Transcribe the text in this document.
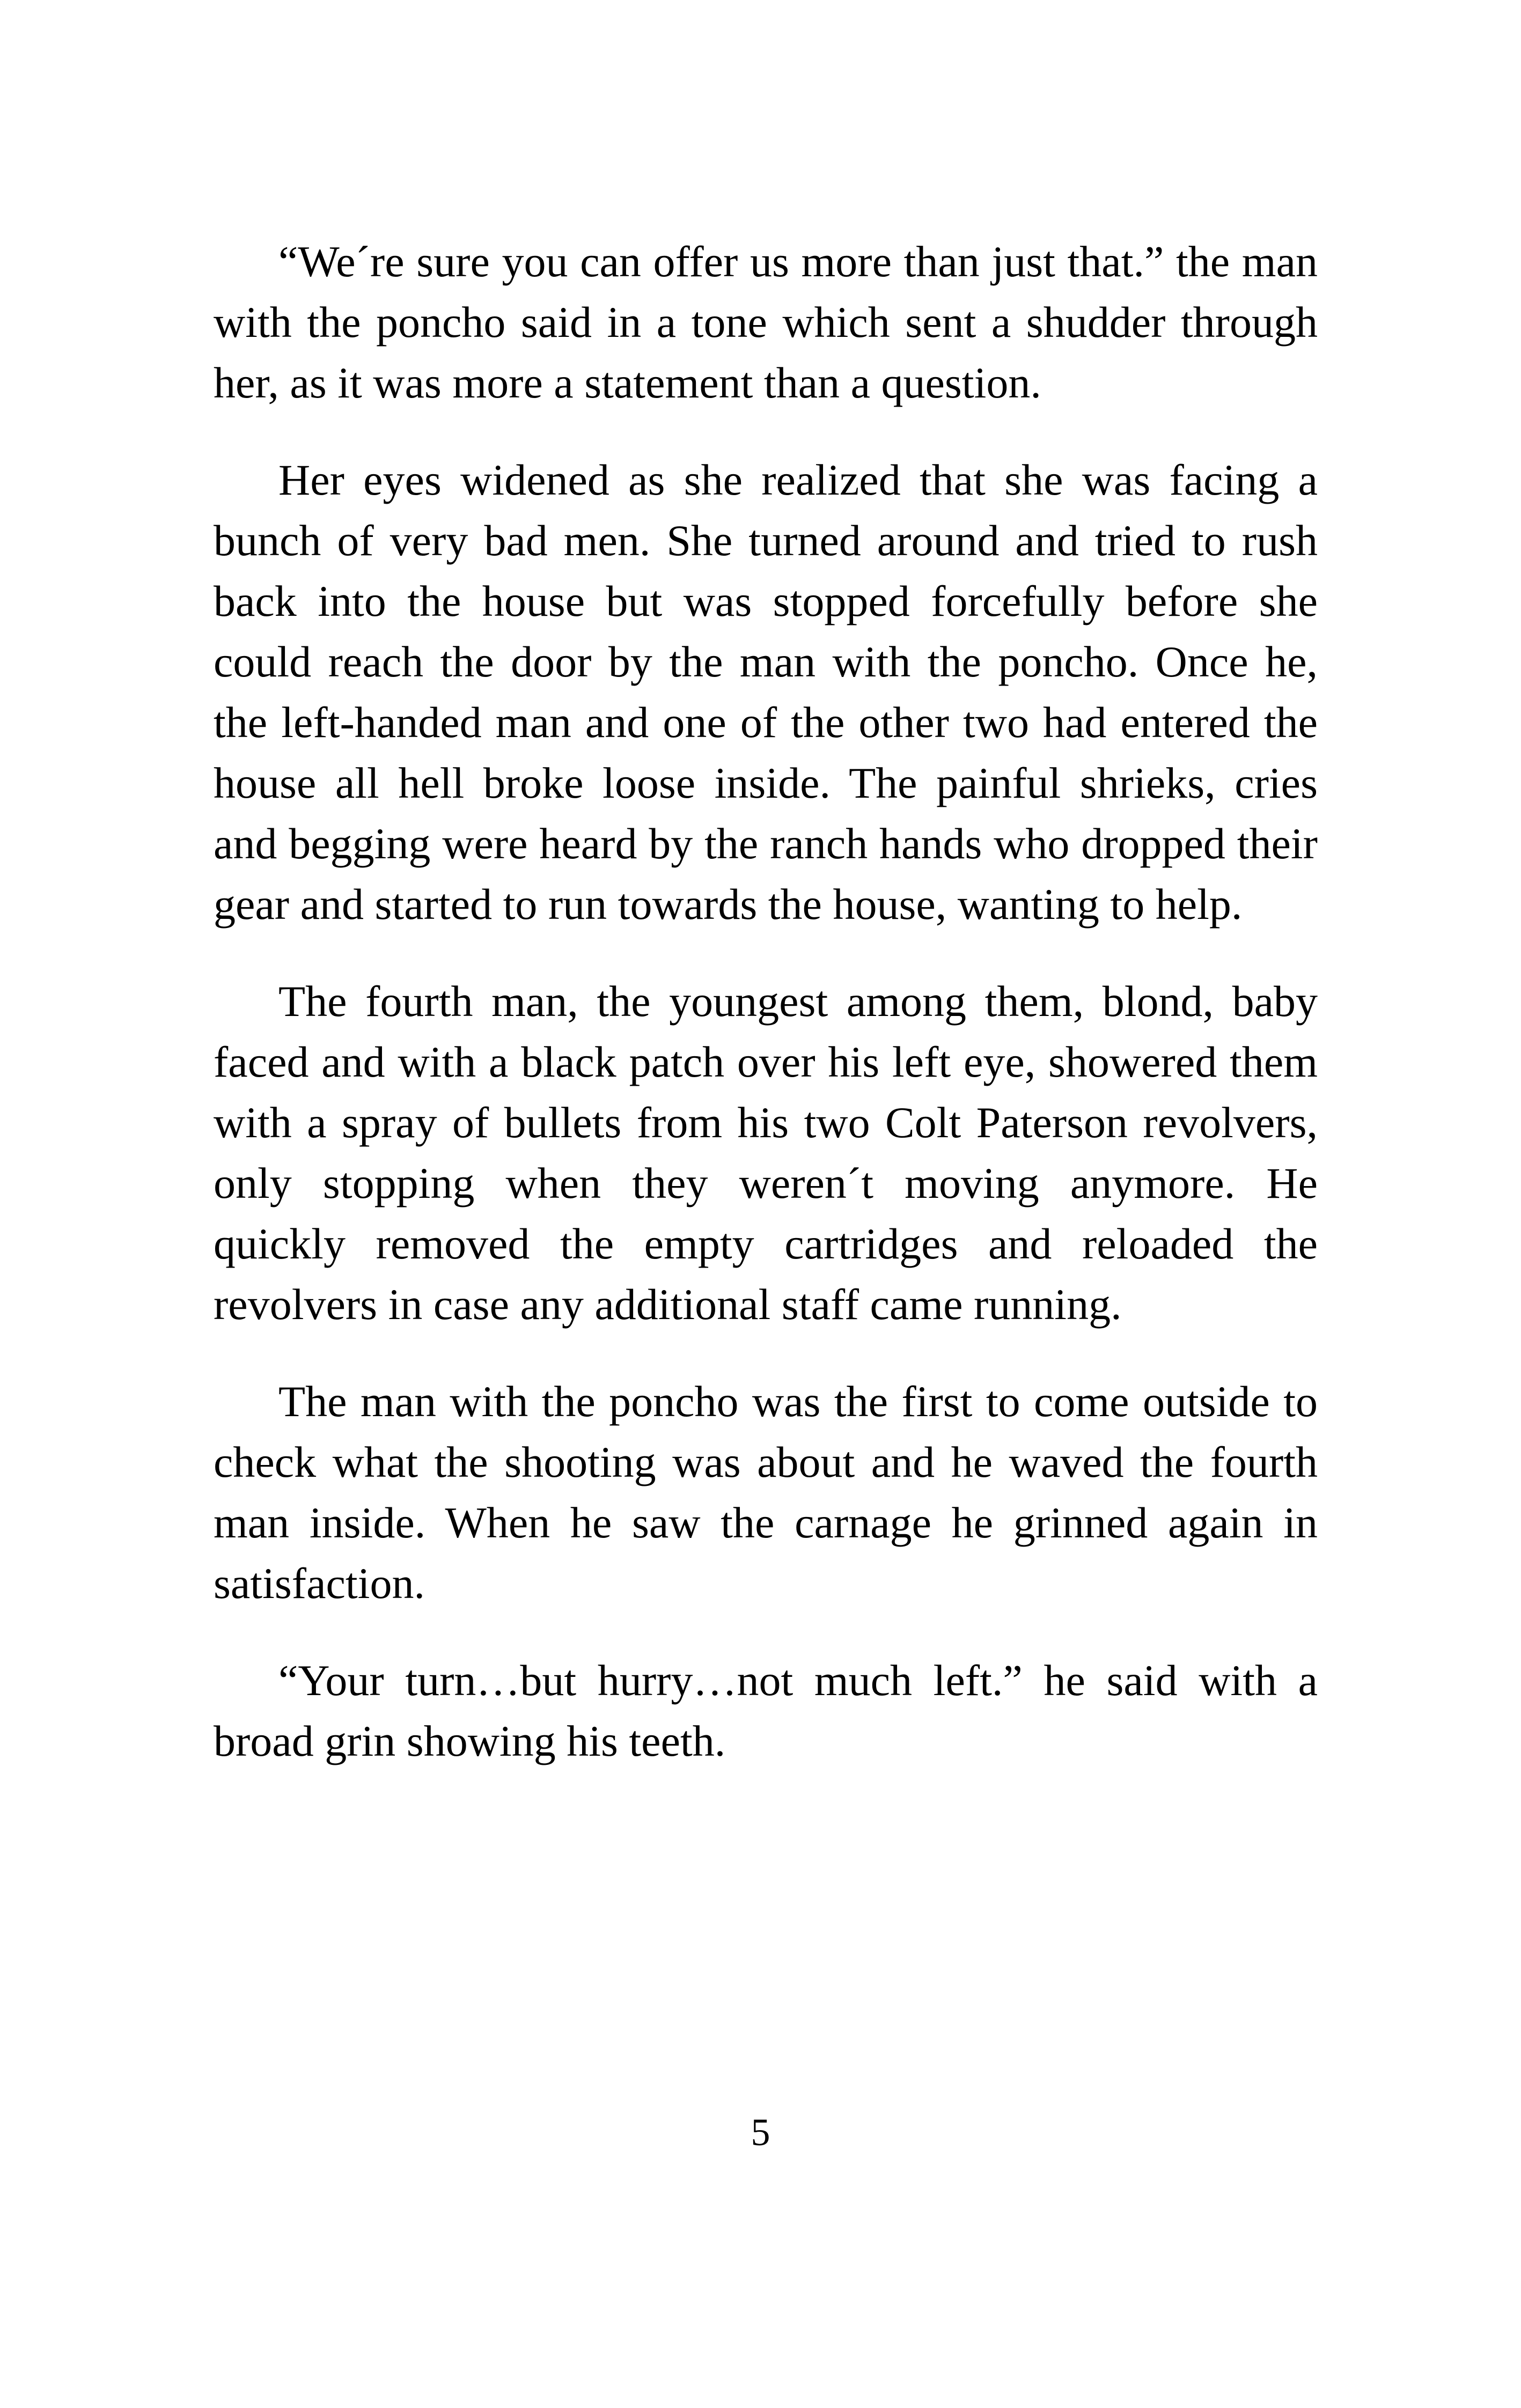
“We´re sure you can offer us more than just that.” the man with the poncho said in a tone which sent a shudder through her, as it was more a statement than a question.

Her eyes widened as she realized that she was facing a bunch of very bad men. She turned around and tried to rush back into the house but was stopped forcefully before she could reach the door by the man with the poncho. Once he, the left-handed man and one of the other two had entered the house all hell broke loose inside. The painful shrieks, cries and begging were heard by the ranch hands who dropped their gear and started to run towards the house, wanting to help.

The fourth man, the youngest among them, blond, baby faced and with a black patch over his left eye, showered them with a spray of bullets from his two Colt Paterson revolvers, only stopping when they weren´t moving anymore. He quickly removed the empty cartridges and reloaded the revolvers in case any additional staff came running.

The man with the poncho was the first to come outside to check what the shooting was about and he waved the fourth man inside. When he saw the carnage he grinned again in satisfaction.

“Your turn…but hurry…not much left.” he said with a broad grin showing his teeth.

5
